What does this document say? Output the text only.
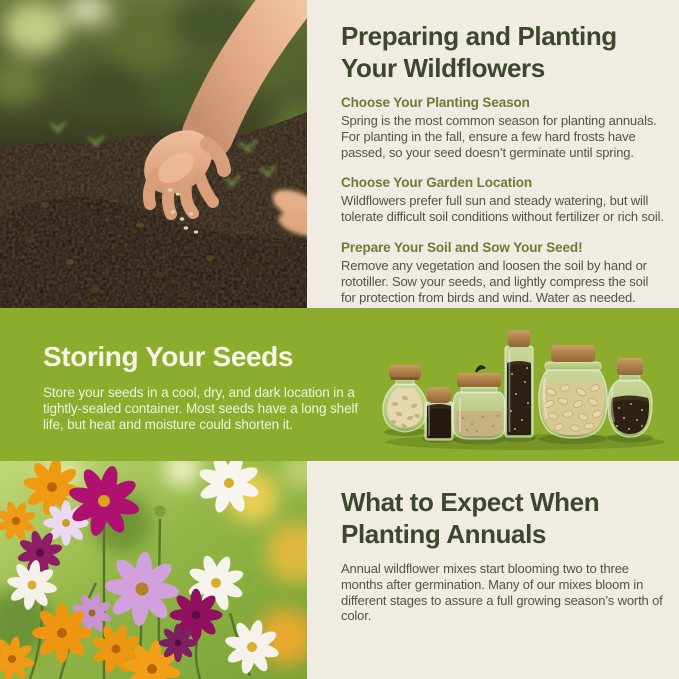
Preparing and Planting
Your Wildflowers

Choose Your Planting Season

Spring is the most common season for planting annuals. For planting in the fall, ensure a few hard frosts have passed, so your seed doesn’t germinate until spring.

Choose Your Garden Location

Wildflowers prefer full sun and steady watering, but will tolerate difficult soil conditions without fertilizer or rich soil.

Prepare Your Soil and Sow Your Seed!

Remove any vegetation and loosen the soil by hand or rototiller. Sow your seeds, and lightly compress the soil for protection from birds and wind. Water as needed.

Storing Your Seeds

Store your seeds in a cool, dry, and dark location in a tightly-sealed container. Most seeds have a long shelf life, but heat and moisture could shorten it.

What to Expect When
Planting Annuals

Annual wildflower mixes start blooming two to three months after germination. Many of our mixes bloom in different stages to assure a full growing season’s worth of color.
